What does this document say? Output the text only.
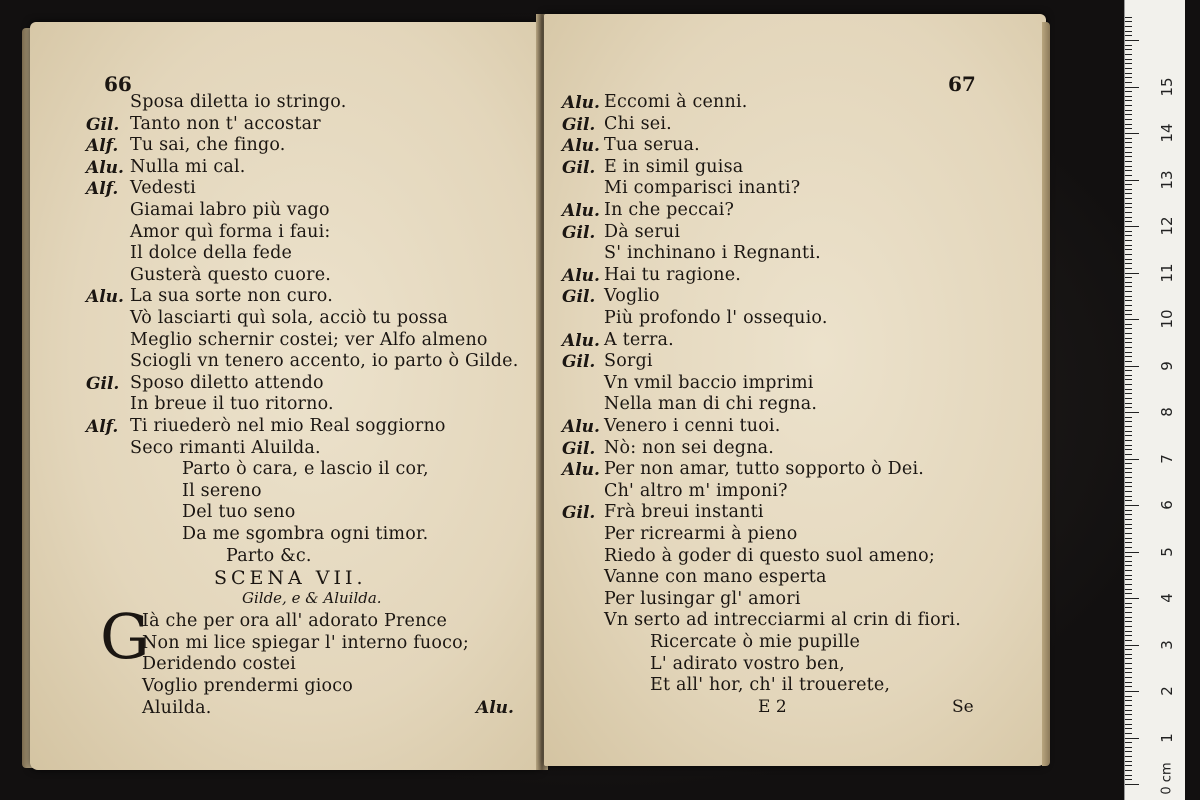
66
Sposa diletta io stringo.
Gil. Tanto non t' accostar
Alf. Tu sai, che fingo.
Alu. Nulla mi cal.
Alf. Vedesti
Giamai labro più vago
Amor quì forma i faui:
Il dolce della fede
Gusterà questo cuore.
Alu. La sua sorte non curo.
Vò lasciarti quì sola, acciò tu possa
Meglio schernir costei; ver Alfo almeno
Sciogli vn tenero accento, io parto ò Gilde.
Gil. Sposo diletto attendo
In breue il tuo ritorno.
Alf. Ti riuederò nel mio Real soggiorno
Seco rimanti Aluilda.
Parto ò cara, e lascio il cor,
Il sereno
Del tuo seno
Da me sgombra ogni timor.
Parto &c.
SCENA VII.
Gilde, e & Aluilda.
G
Ià che per ora all' adorato Prence
Non mi lice spiegar l' interno fuoco;
Deridendo costei
Voglio prendermi gioco
Aluilda.	Alu.
67
Alu. Eccomi à cenni.
Gil. Chi sei.
Alu. Tua serua.
Gil. E in simil guisa
Mi comparisci inanti?
Alu. In che peccai?
Gil. Dà serui
S' inchinano i Regnanti.
Alu. Hai tu ragione.
Gil. Voglio
Più profondo l' ossequio.
Alu. A terra.
Gil. Sorgi
Vn vmil baccio imprimi
Nella man di chi regna.
Alu. Venero i cenni tuoi.
Gil. Nò: non sei degna.
Alu. Per non amar, tutto sopporto ò Dei.
Ch' altro m' imponi?
Gil. Frà breui instanti
Per ricrearmi à pieno
Riedo à goder di questo suol ameno;
Vanne con mano esperta
Per lusingar gl' amori
Vn serto ad intrecciarmi al crin di fiori.
Ricercate ò mie pupille
L' adirato vostro ben,
Et all' hor, ch' il trouerete,
E 2	Se
0 cm
1
2
3
4
5
6
7
8
9
10
11
12
13
14
15
